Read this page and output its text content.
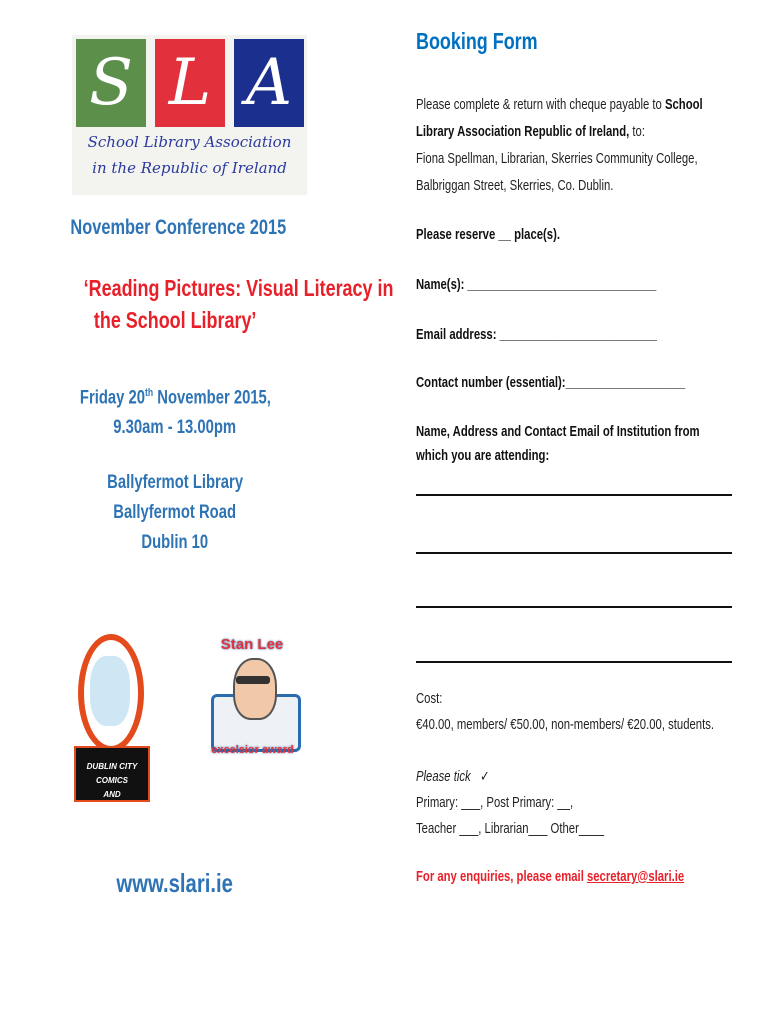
S L A
School Library Association
in the Republic of Ireland
November Conference 2015
‘Reading Pictures: Visual Literacy in
the School Library’
Friday 20th November 2015,
9.30am - 13.00pm
Ballyfermot Library
Ballyfermot Road
Dublin 10
DUBLIN CITY COMICS
AND COLLECTIBLES
Stan Lee
excelsior award
www.slari.ie
Booking Form
Please complete & return with cheque payable to School Library Association Republic of Ireland, to:
Fiona Spellman, Librarian, Skerries Community College,
Balbriggan Street, Skerries, Co. Dublin.
Please reserve __ place(s).
Name(s): ______________________________
Email address: _________________________
Contact number (essential):___________________
Name, Address and Contact Email of Institution from which you are attending:
Cost:
€40.00, members/ €50.00, non-members/ €20.00, students.
Please tick ✓
Primary: ___, Post Primary: __,
Teacher ___, Librarian___ Other____
For any enquiries, please email secretary@slari.ie
